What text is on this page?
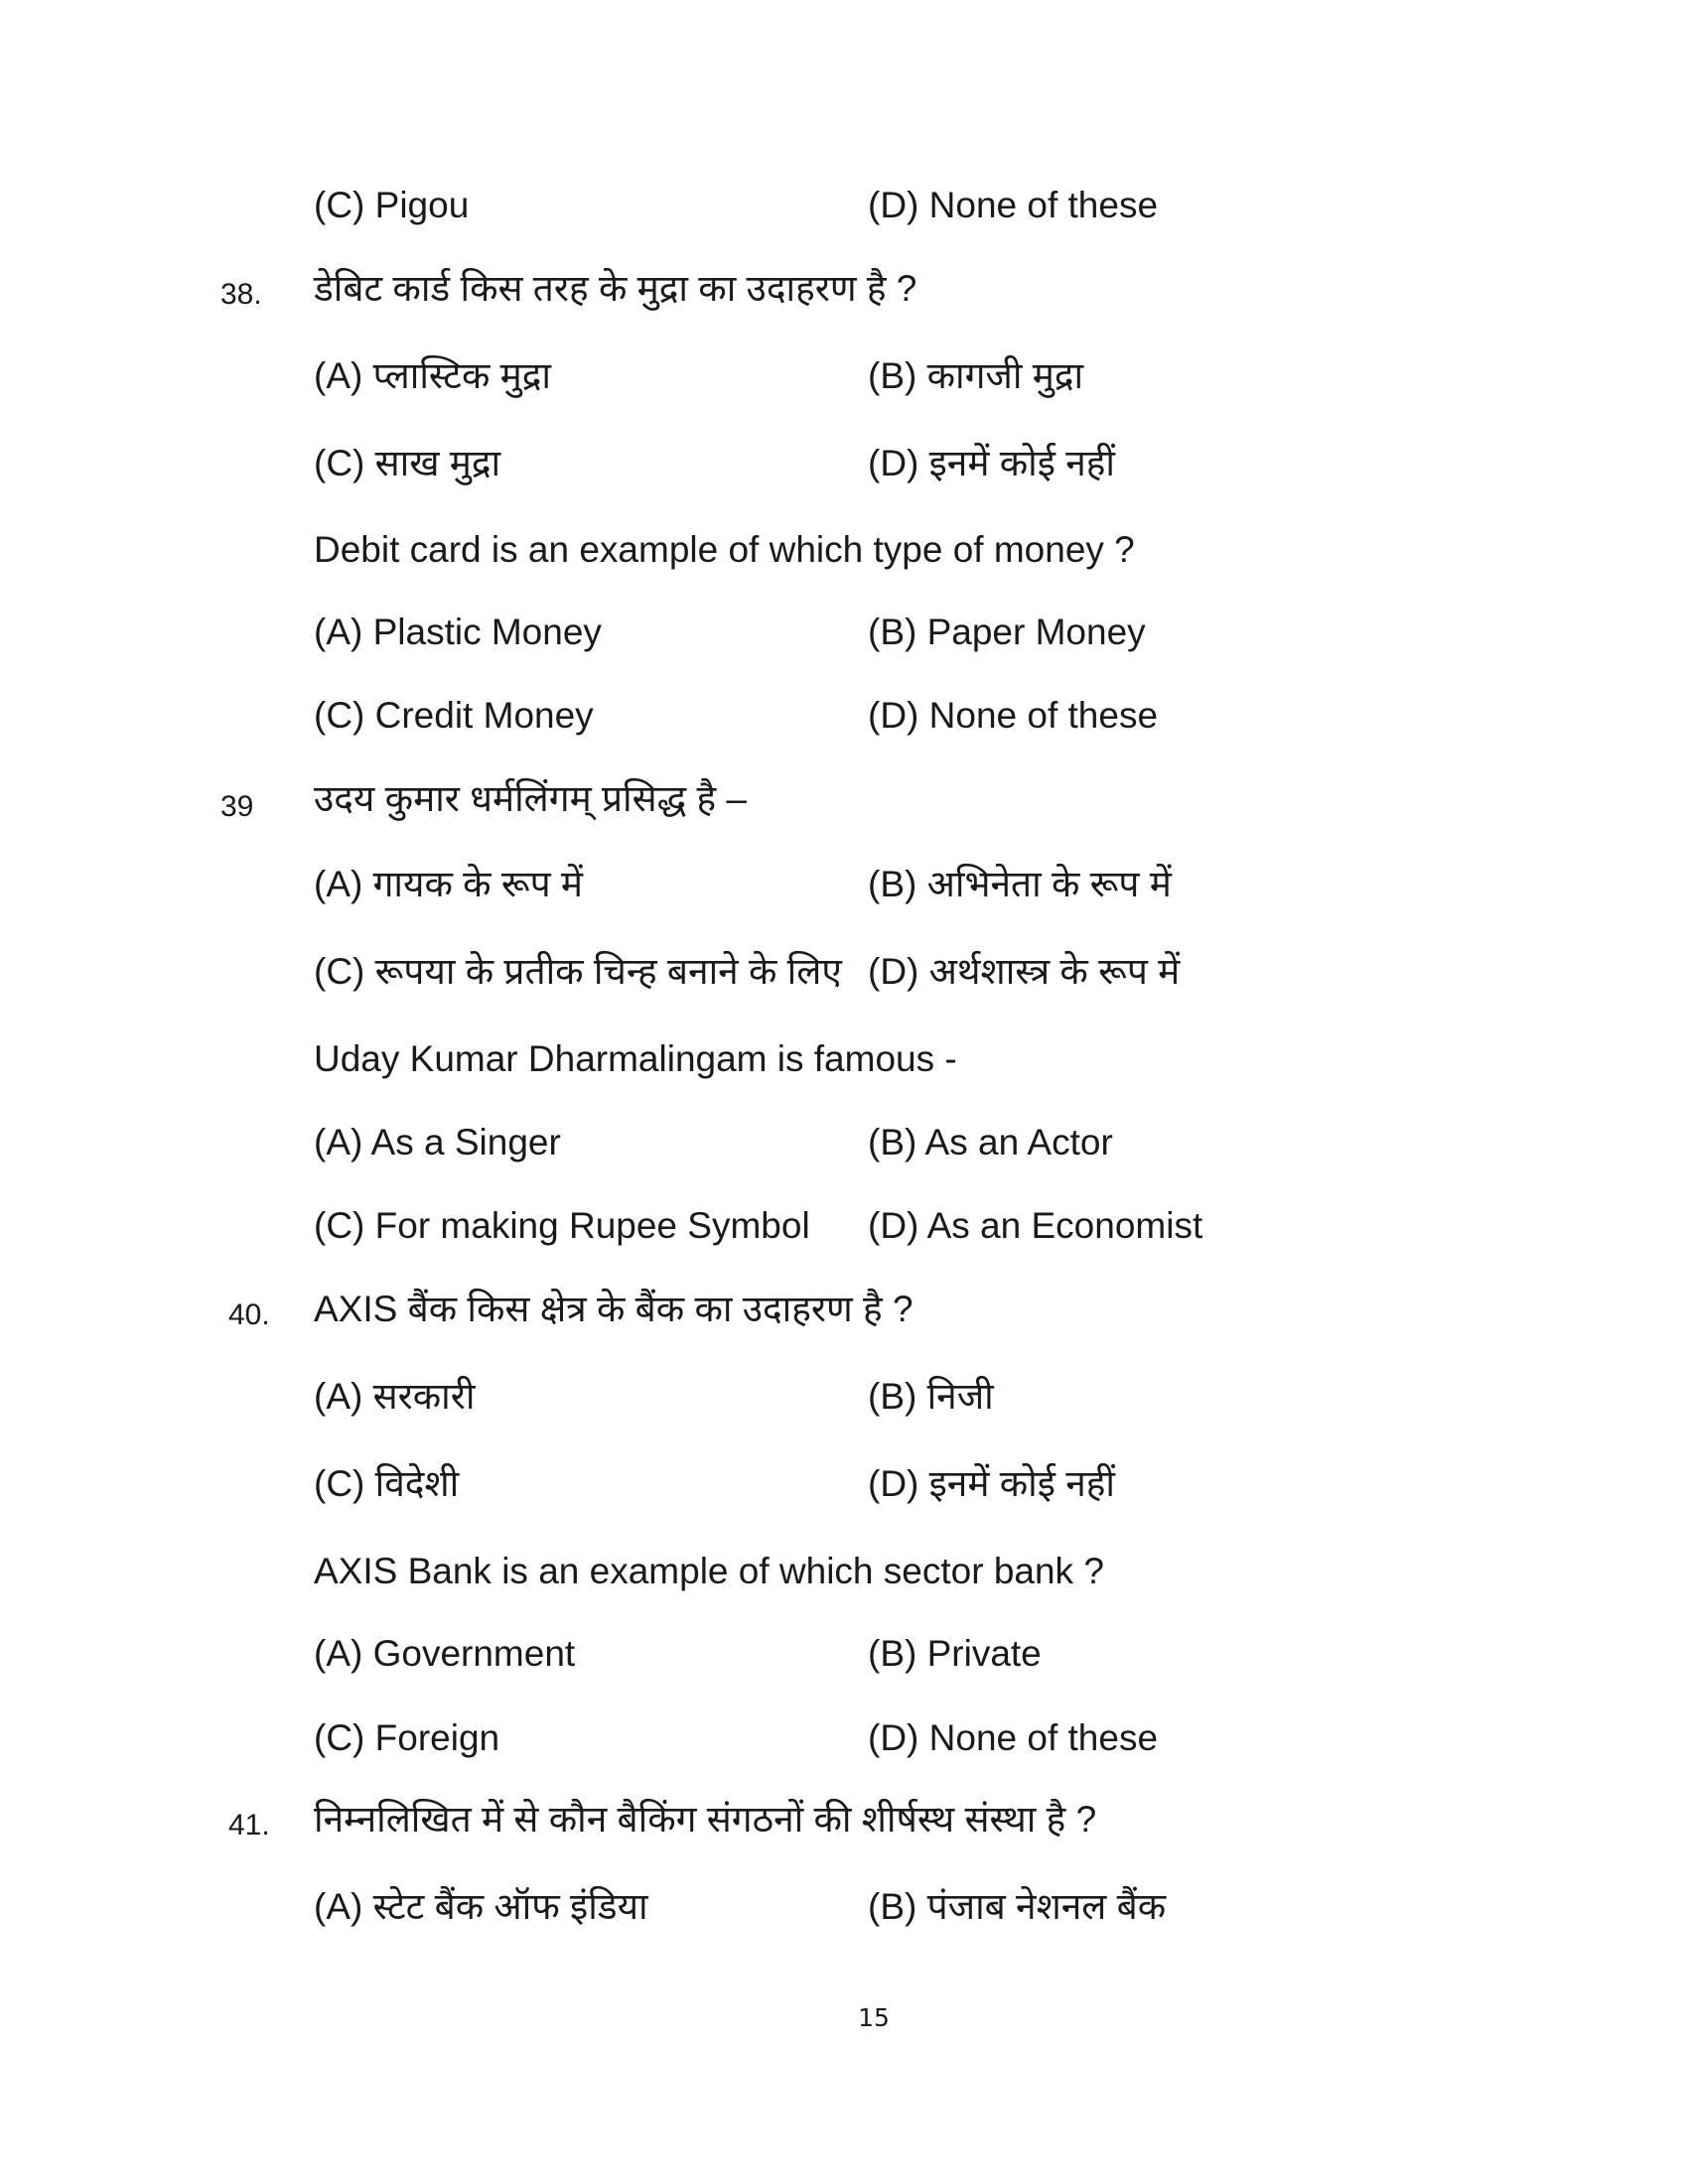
(C) Pigou	(D) None of these
38. डेबिट कार्ड किस तरह के मुद्रा का उदाहरण है ?
(A) प्लास्टिक मुद्रा	(B) कागजी मुद्रा
(C) साख मुद्रा	(D) इनमें कोई नहीं
Debit card is an example of which type of money ?
(A) Plastic Money	(B) Paper Money
(C) Credit Money	(D) None of these
39 उदय कुमार धर्मलिंगम् प्रसिद्ध है –
(A) गायक के रूप में	(B) अभिनेता के रूप में
(C) रूपया के प्रतीक चिन्ह बनाने के लिए (D) अर्थशास्त्र के रूप में
Uday Kumar Dharmalingam is famous -
(A) As a Singer	(B) As an Actor
(C) For making Rupee Symbol (D) As an Economist
40. AXIS बैंक किस क्षेत्र के बैंक का उदाहरण है ?
(A) सरकारी	(B) निजी
(C) विदेशी	(D) इनमें कोई नहीं
AXIS Bank is an example of which sector bank ?
(A) Government	(B) Private
(C) Foreign	(D) None of these
41. निम्नलिखित में से कौन बैकिंग संगठनों की शीर्षस्थ संस्था है ?
(A) स्टेट बैंक ऑफ इंडिया	(B) पंजाब नेशनल बैंक
15
